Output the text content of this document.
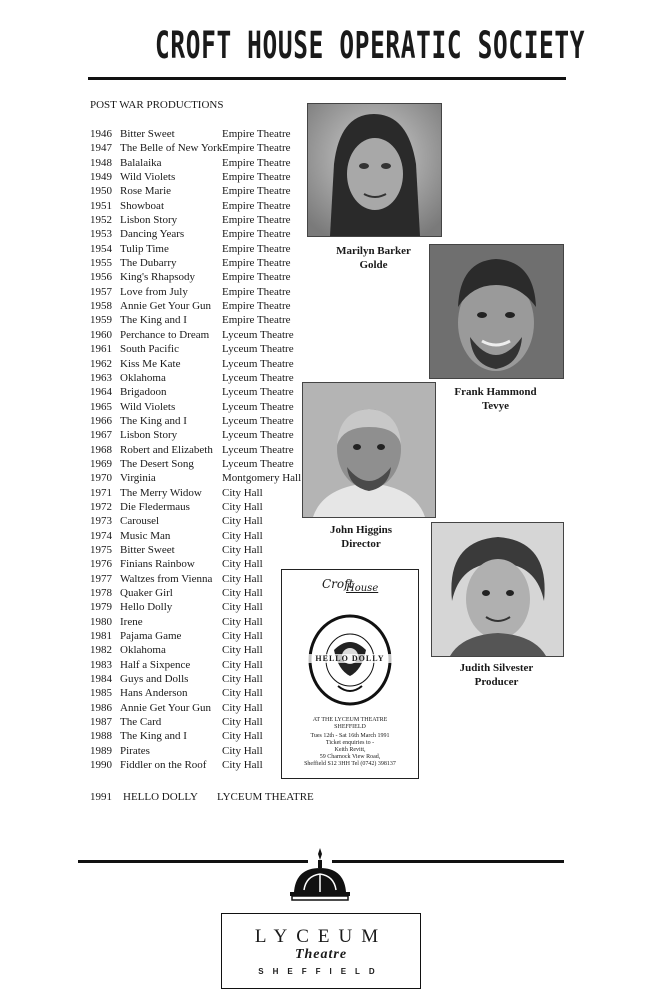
CROFT HOUSE OPERATIC SOCIETY
POST WAR PRODUCTIONS
1946 Bitter Sweet	Empire Theatre
1947 The Belle of New York Empire Theatre
1948 Balalaika	Empire Theatre
1949 Wild Violets	Empire Theatre
1950 Rose Marie	Empire Theatre
1951 Showboat	Empire Theatre
1952 Lisbon Story	Empire Theatre
1953 Dancing Years	Empire Theatre
1954 Tulip Time	Empire Theatre
1955 The Dubarry	Empire Theatre
1956 King's Rhapsody	Empire Theatre
1957 Love from July	Empire Theatre
1958 Annie Get Your Gun Empire Theatre
1959 The King and I	Empire Theatre
1960 Perchance to Dream	Lyceum Theatre
1961 South Pacific	Lyceum Theatre
1962 Kiss Me Kate	Lyceum Theatre
1963 Oklahoma	Lyceum Theatre
1964 Brigadoon	Lyceum Theatre
1965 Wild Violets	Lyceum Theatre
1966 The King and I	Lyceum Theatre
1967 Lisbon Story	Lyceum Theatre
1968 Robert and Elizabeth Lyceum Theatre
1969 The Desert Song	Lyceum Theatre
1970 Virginia	Montgomery Hall
1971 The Merry Widow	City Hall
1972 Die Fledermaus	City Hall
1973 Carousel	City Hall
1974 Music Man	City Hall
1975 Bitter Sweet	City Hall
1976 Finians Rainbow	City Hall
1977 Waltzes from Vienna City Hall
1978 Quaker Girl	City Hall
1979 Hello Dolly	City Hall
1980 Irene	City Hall
1981 Pajama Game	City Hall
1982 Oklahoma	City Hall
1983 Half a Sixpence	City Hall
1984 Guys and Dolls	City Hall
1985 Hans Anderson	City Hall
1986 Annie Get Your Gun City Hall
1987 The Card	City Hall
1988 The King and I	City Hall
1989 Pirates	City Hall
1990 Fiddler on the Roof	City Hall
1991	HELLO DOLLY	LYCEUM THEATRE
Marilyn Barker
Golde
Frank Hammond
Tevye
John Higgins
Director
Judith Silvester
Producer
Croft
House
HELLO DOLLY
AT THE LYCEUM THEATRE
SHEFFIELD
Tues 12th - Sat 16th March 1991
Ticket enquiries to -
Keith Revitt,
59 Charnock View Road,
Sheffield S12 3HH Tel (0742) 398137
LYCEUM
Theatre
SHEFFIELD
